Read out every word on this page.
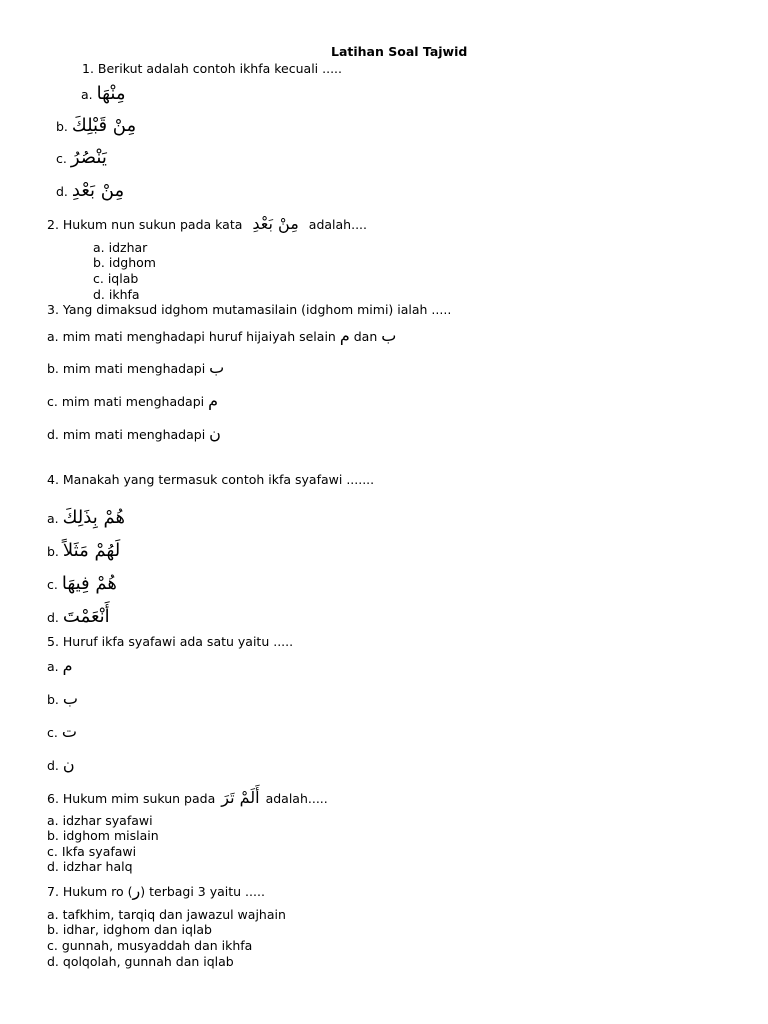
Latihan Soal Tajwid
1. Berikut adalah contoh ikhfa kecuali .....
a. مِنْهَا
b. مِنْ قَبْلِكَ
c. يَنْصُرُ
d. مِنْ بَعْدِ
2. Hukum nun sukun pada kata مِنْ بَعْدِ adalah....
a. idzhar
b. idghom
c. iqlab
d. ikhfa
3. Yang dimaksud idghom mutamasilain (idghom mimi) ialah .....
a. mim mati menghadapi huruf hijaiyah selain م dan ب
b. mim mati menghadapi ب
c. mim mati menghadapi م
d. mim mati menghadapi ن
4. Manakah yang termasuk contoh ikfa syafawi .......
a. هُمْ بِذَلِكَ
b. لَهُمْ مَثَلاً
c. هُمْ فِيهَا
d. أَنْعَمْتَ
5. Huruf ikfa syafawi ada satu yaitu .....
a. م
b. ب
c. ت
d. ن
6. Hukum mim sukun pada أَلَمْ تَرَ adalah.....
a. idzhar syafawi
b. idghom mislain
c. Ikfa syafawi
d. idzhar halq
7. Hukum ro (ر) terbagi 3 yaitu .....
a. tafkhim, tarqiq dan jawazul wajhain
b. idhar, idghom dan iqlab
c. gunnah, musyaddah dan ikhfa
d. qolqolah, gunnah dan iqlab
